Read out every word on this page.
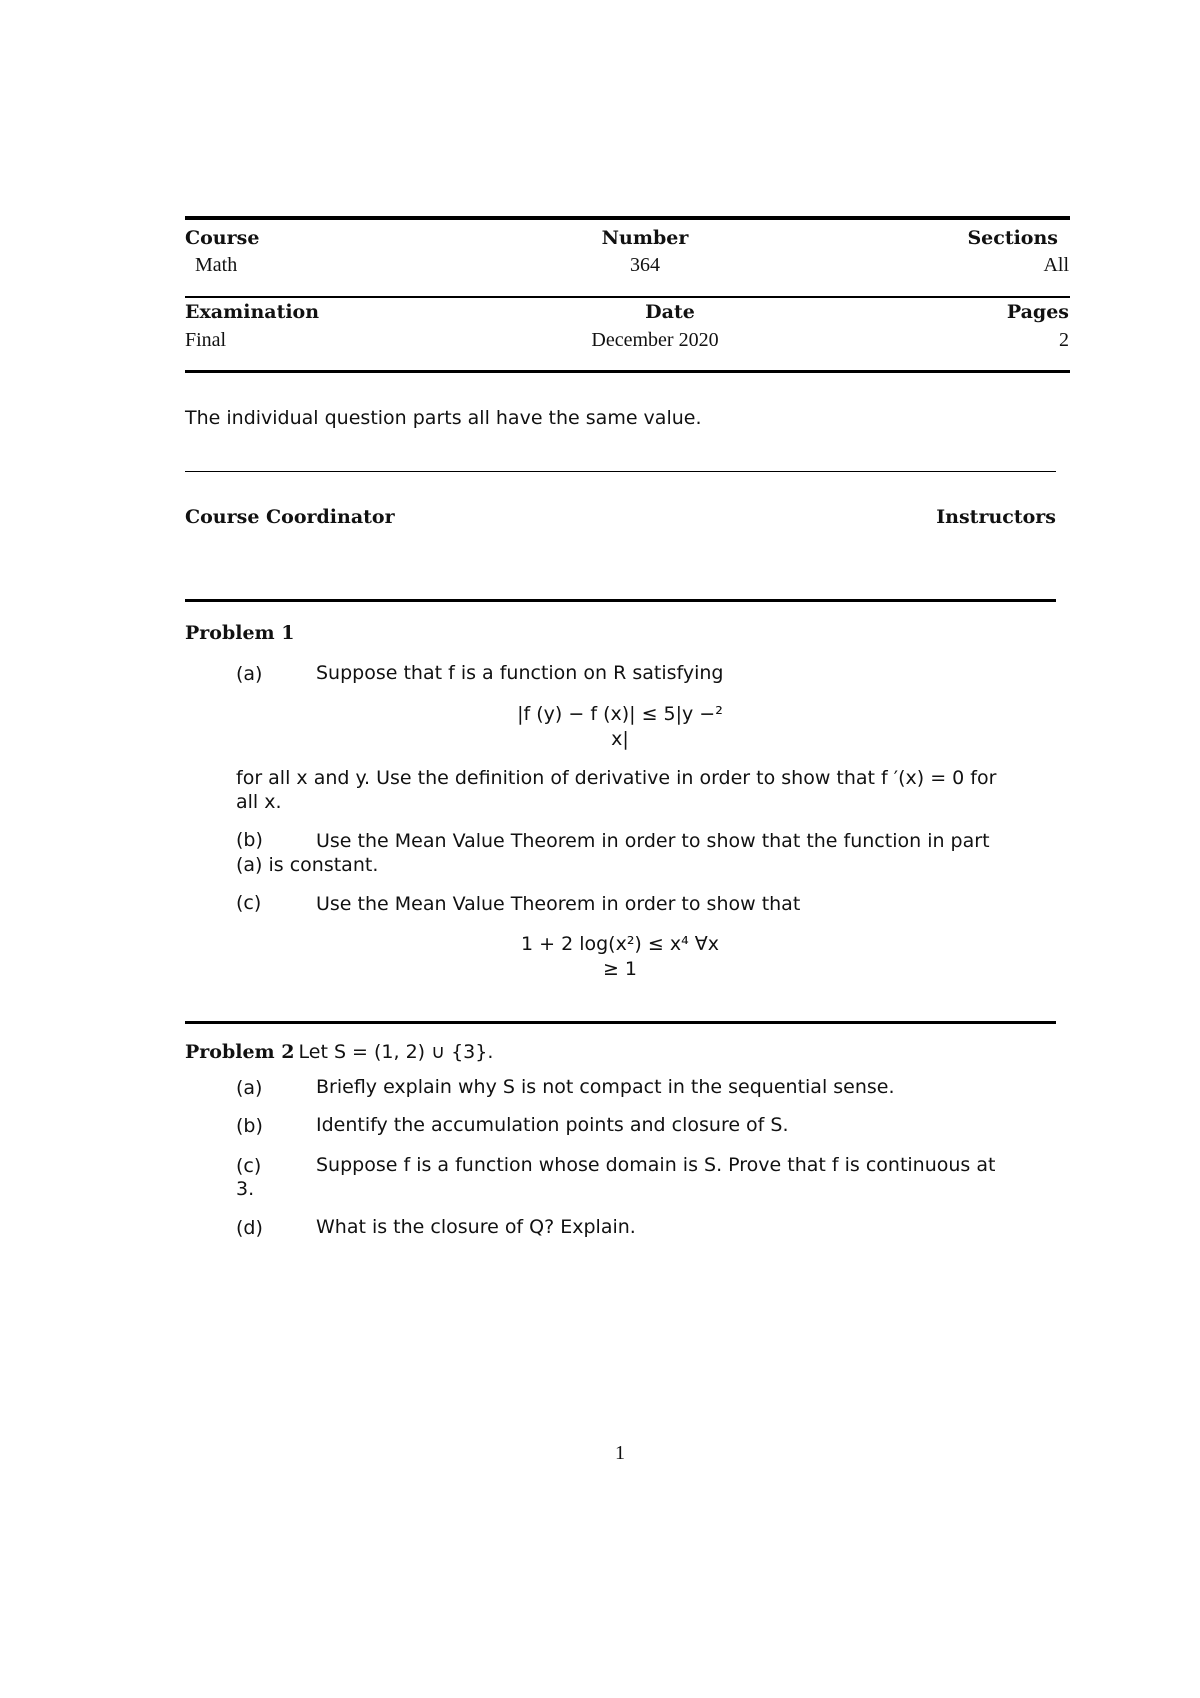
Course	Number	Sections
Math	364	All
Examination	Date	Pages
Final	December 2020	2
The individual question parts all have the same value.
Course Coordinator	Instructors
Problem 1
(a)	Suppose that f is a function on R satisfying
|f (y) − f (x)| ≤ 5|y −²
x|
for all x and y. Use the definition of derivative in order to show that f ′(x) = 0 for
all x.
(b)	Use the Mean Value Theorem in order to show that the function in part
(a) is constant.
(c)	Use the Mean Value Theorem in order to show that
1 + 2 log(x²) ≤ x⁴ ∀x
≥ 1
Problem 2 Let S = (1, 2) ∪ {3}.
(a)	Briefly explain why S is not compact in the sequential sense.
(b)	Identify the accumulation points and closure of S.
(c)	Suppose f is a function whose domain is S. Prove that f is continuous at
3.
(d)	What is the closure of Q? Explain.
1
